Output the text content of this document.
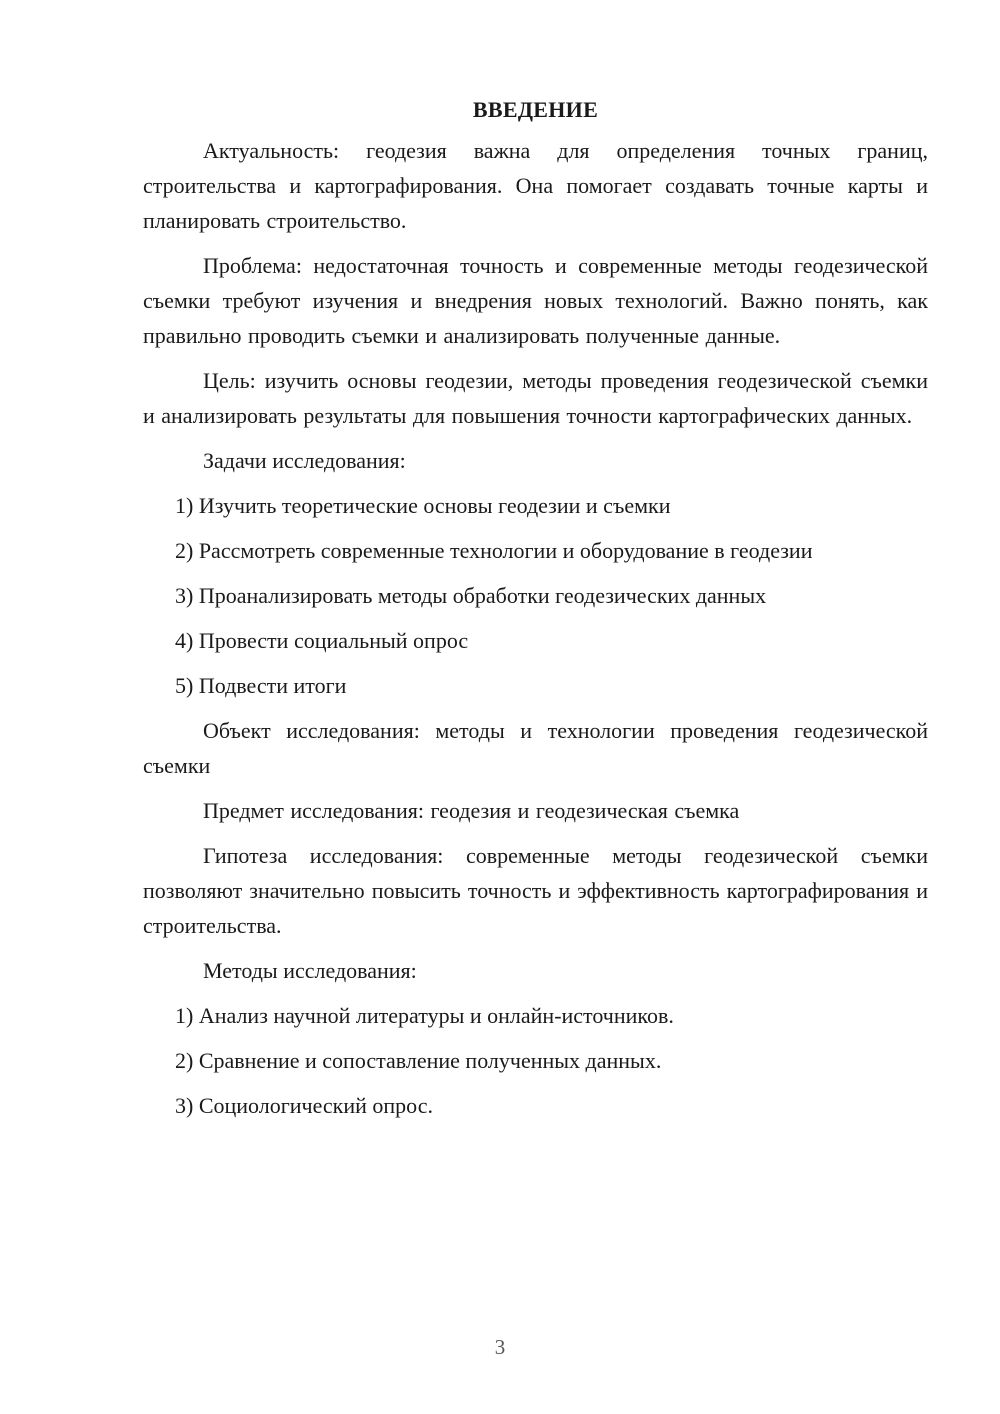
ВВЕДЕНИЕ

Актуальность: геодезия важна для определения точных границ, строительства и картографирования. Она помогает создавать точные карты и планировать строительство.

Проблема: недостаточная точность и современные методы геодезической съемки требуют изучения и внедрения новых технологий. Важно понять, как правильно проводить съемки и анализировать полученные данные.

Цель: изучить основы геодезии, методы проведения геодезической съемки и анализировать результаты для повышения точности картографических данных.

Задачи исследования:

1) Изучить теоретические основы геодезии и съемки
2) Рассмотреть современные технологии и оборудование в геодезии
3) Проанализировать методы обработки геодезических данных
4) Провести социальный опрос
5) Подвести итоги

Объект исследования: методы и технологии проведения геодезической съемки

Предмет исследования: геодезия и геодезическая съемка

Гипотеза исследования: современные методы геодезической съемки позволяют значительно повысить точность и эффективность картографирования и строительства.

Методы исследования:

1) Анализ научной литературы и онлайн-источников.
2) Сравнение и сопоставление полученных данных.
3) Социологический опрос.
3
